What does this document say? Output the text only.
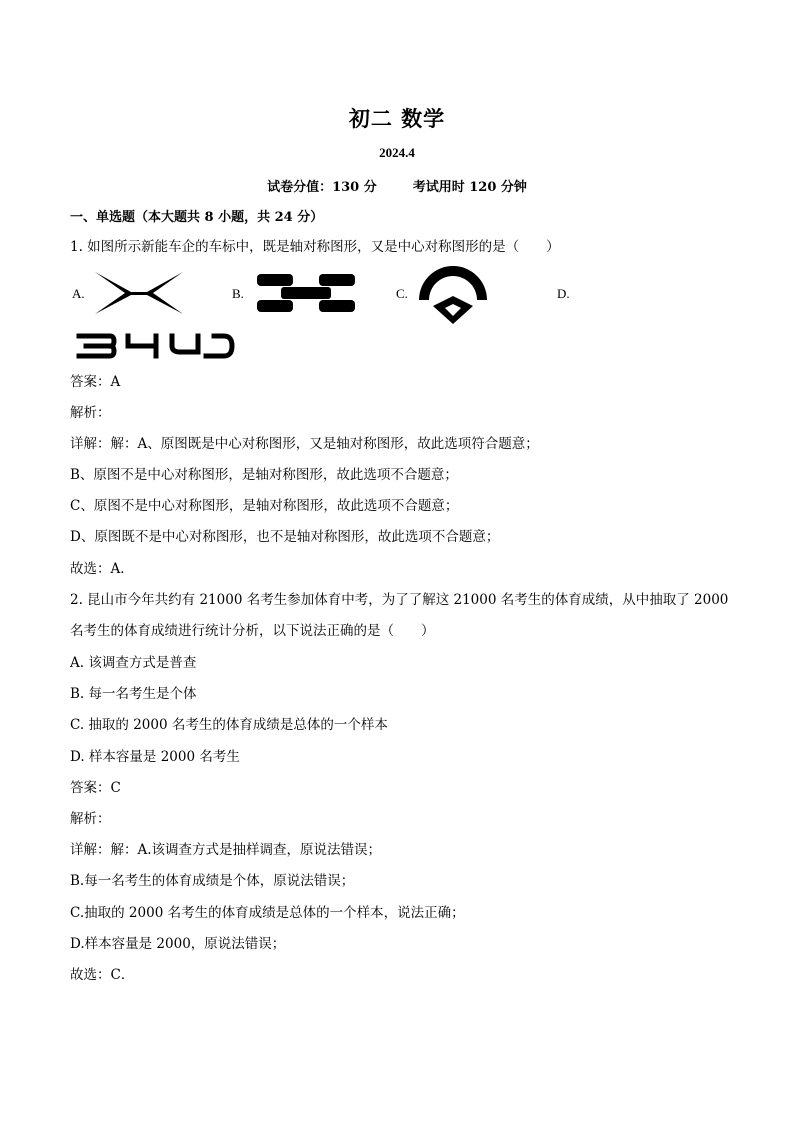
初二 数学
2024.4
试卷分值：130 分	考试用时 120 分钟
一、单选题（本大题共 8 小题，共 24 分）
1. 如图所示新能车企的车标中，既是轴对称图形，又是中心对称图形的是（　　）
A.	B.	C.	D.
答案：A
解析：
详解：解：A、原图既是中心对称图形，又是轴对称图形，故此选项符合题意；
B、原图不是中心对称图形，是轴对称图形，故此选项不合题意；
C、原图不是中心对称图形，是轴对称图形，故此选项不合题意；
D、原图既不是中心对称图形，也不是轴对称图形，故此选项不合题意；
故选：A．
2. 昆山市今年共约有 21000 名考生参加体育中考，为了了解这 21000 名考生的体育成绩，从中抽取了 2000
名考生的体育成绩进行统计分析，以下说法正确的是（　　）
A. 该调查方式是普查
B. 每一名考生是个体
C. 抽取的 2000 名考生的体育成绩是总体的一个样本
D. 样本容量是 2000 名考生
答案：C
解析：
详解：解：A.该调查方式是抽样调查，原说法错误；
B.每一名考生的体育成绩是个体，原说法错误；
C.抽取的 2000 名考生的体育成绩是总体的一个样本，说法正确；
D.样本容量是 2000，原说法错误；
故选：C．
